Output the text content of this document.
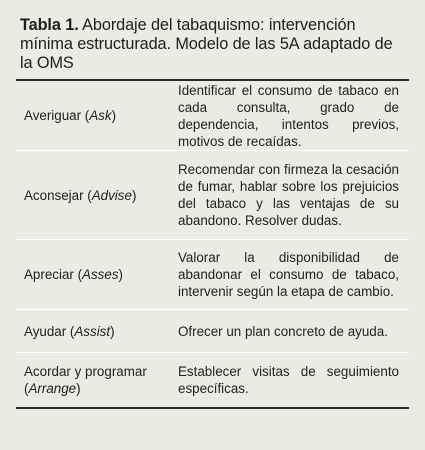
Tabla 1. Abordaje del tabaquismo: intervención mínima estructurada. Modelo de las 5A adaptado de la OMS
Averiguar (Ask)	Identificar el consumo de tabaco en cada consulta, grado de dependencia, intentos previos, motivos de recaídas.
Aconsejar (Advise)	Recomendar con firmeza la cesación de fumar, hablar sobre los prejuicios del tabaco y las ventajas de su abandono. Resolver dudas.
Apreciar (Asses)	Valorar la disponibilidad de abandonar el consumo de tabaco, intervenir según la etapa de cambio.
Ayudar (Assist)	Ofrecer un plan concreto de ayuda.
Acordar y programar (Arrange)	Establecer visitas de seguimiento específicas.
